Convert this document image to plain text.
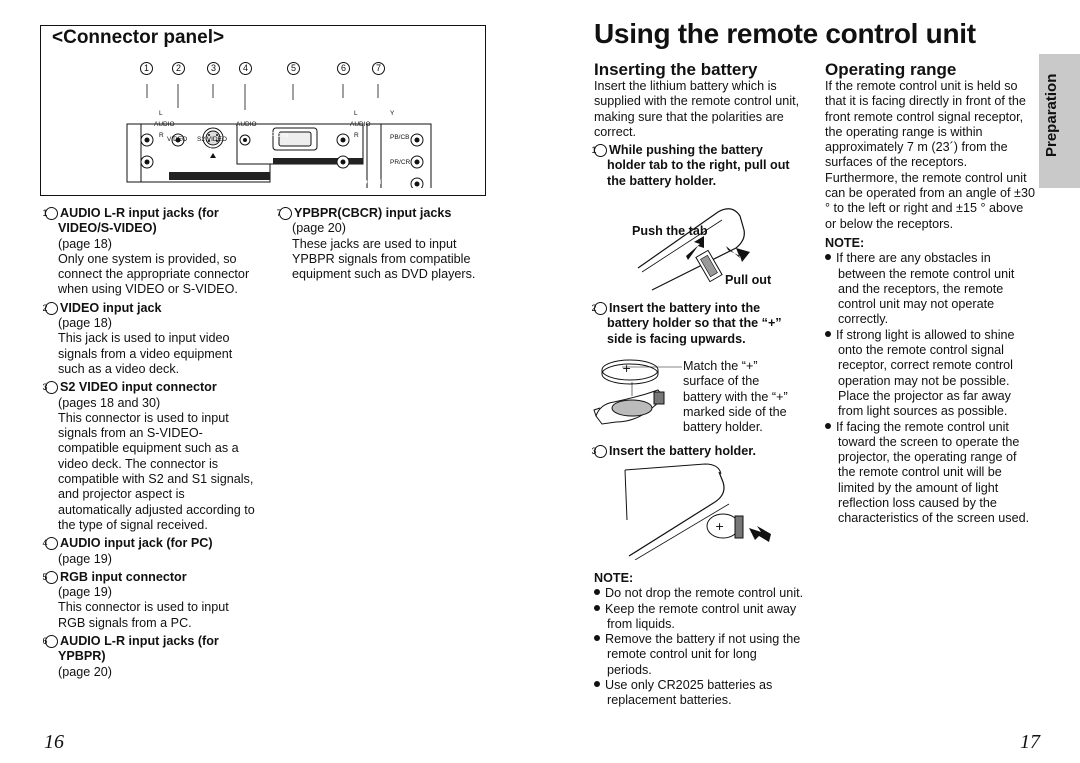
<Connector panel>
1	2	3	4	5	6	7
L
AUDIO
R
VIDEO S2 VIDEO
VIDEO IN
AUDIO
PC IN
L
AUDIO
R
Y
PB/CB
PR/CR
COMPONENT IN
1 AUDIO L-R input jacks (for VIDEO/S-VIDEO)
(page 18)
Only one system is provided, so connect the appropriate connector when using VIDEO or S-VIDEO.
2 VIDEO input jack
(page 18)
This jack is used to input video signals from a video equipment such as a video deck.
3 S2 VIDEO input connector
(pages 18 and 30)
This connector is used to input signals from an S-VIDEO-compatible equipment such as a video deck. The connector is compatible with S2 and S1 signals, and projector aspect is automatically adjusted according to the type of signal received.
4 AUDIO input jack (for PC)
(page 19)
5 RGB input connector
(page 19)
This connector is used to input RGB signals from a PC.
6 AUDIO L-R input jacks (for YPBPR)
(page 20)
7 YPBPR(CBCR) input jacks
(page 20)
These jacks are used to input YPBPR signals from compatible equipment such as DVD players.
16
Using the remote control unit
Preparation
Inserting the battery
Insert the lithium battery which is supplied with the remote control unit, making sure that the polarities are correct.
1 While pushing the battery holder tab to the right, pull out the battery holder.
Push the tab
Pull out
2 Insert the battery into the battery holder so that the “+” side is facing upwards.
+	Match the “+” surface of the battery with the “+” marked side of the battery holder.
3 Insert the battery holder.
+
NOTE:
Do not drop the remote control unit.
Keep the remote control unit away from liquids.
Remove the battery if not using the remote control unit for long periods.
Use only CR2025 batteries as replacement batteries.
Operating range
If the remote control unit is held so that it is facing directly in front of the front remote control signal receptor, the operating range is within approximately 7 m (23´) from the surfaces of the receptors. Furthermore, the remote control unit can be operated from an angle of ±30 ° to the left or right and ±15 ° above or below the receptors.
NOTE:
If there are any obstacles in between the remote control unit and the receptors, the remote control unit may not operate correctly.
If strong light is allowed to shine onto the remote control signal receptor, correct remote control operation may not be possible. Place the projector as far away from light sources as possible.
If facing the remote control unit toward the screen to operate the projector, the operating range of the remote control unit will be limited by the amount of light reflection loss caused by the characteristics of the screen used.
17
